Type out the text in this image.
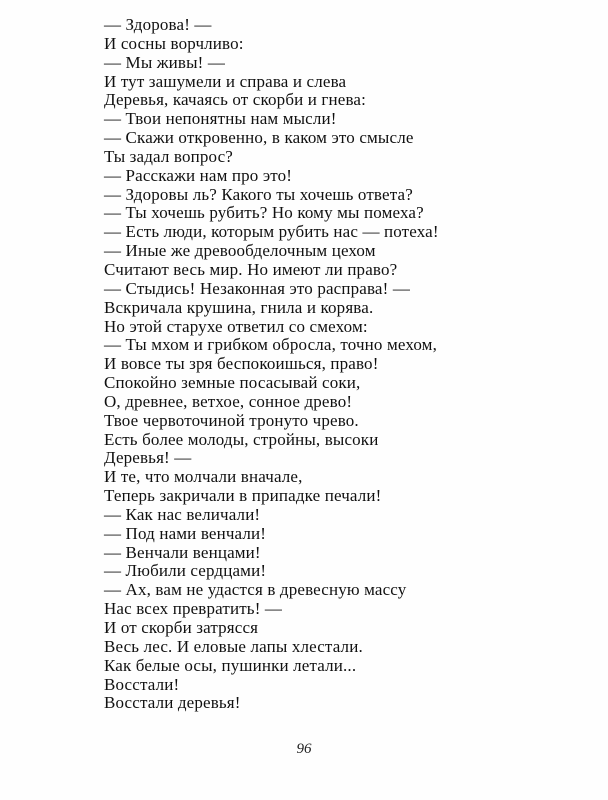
— Здорова! —
И сосны ворчливо:
— Мы живы! —
И тут зашумели и справа и слева
Деревья, качаясь от скорби и гнева:
— Твои непонятны нам мысли!
— Скажи откровенно, в каком это смысле
Ты задал вопрос?
— Расскажи нам про это!
— Здоровы ль? Какого ты хочешь ответа?
— Ты хочешь рубить? Но кому мы помеха?
— Есть люди, которым рубить нас — потеха!
— Иные же древообделочным цехом
Считают весь мир. Но имеют ли право?
— Стыдись! Незаконная это расправа! —
Вскричала крушина, гнила и корява.
Но этой старухе ответил со смехом:
— Ты мхом и грибком обросла, точно мехом,
И вовсе ты зря беспокоишься, право!
Спокойно земные посасывай соки,
О, древнее, ветхое, сонное древо!
Твое червоточиной тронуто чрево.
Есть более молоды, стройны, высоки
Деревья! —
И те, что молчали вначале,
Теперь закричали в припадке печали!
— Как нас величали!
— Под нами венчали!
— Венчали венцами!
— Любили сердцами!
— Ах, вам не удастся в древесную массу
Нас всех превратить! —
И от скорби затрясся
Весь лес. И еловые лапы хлестали.
Как белые осы, пушинки летали...
Восстали!
Восстали деревья!
96
